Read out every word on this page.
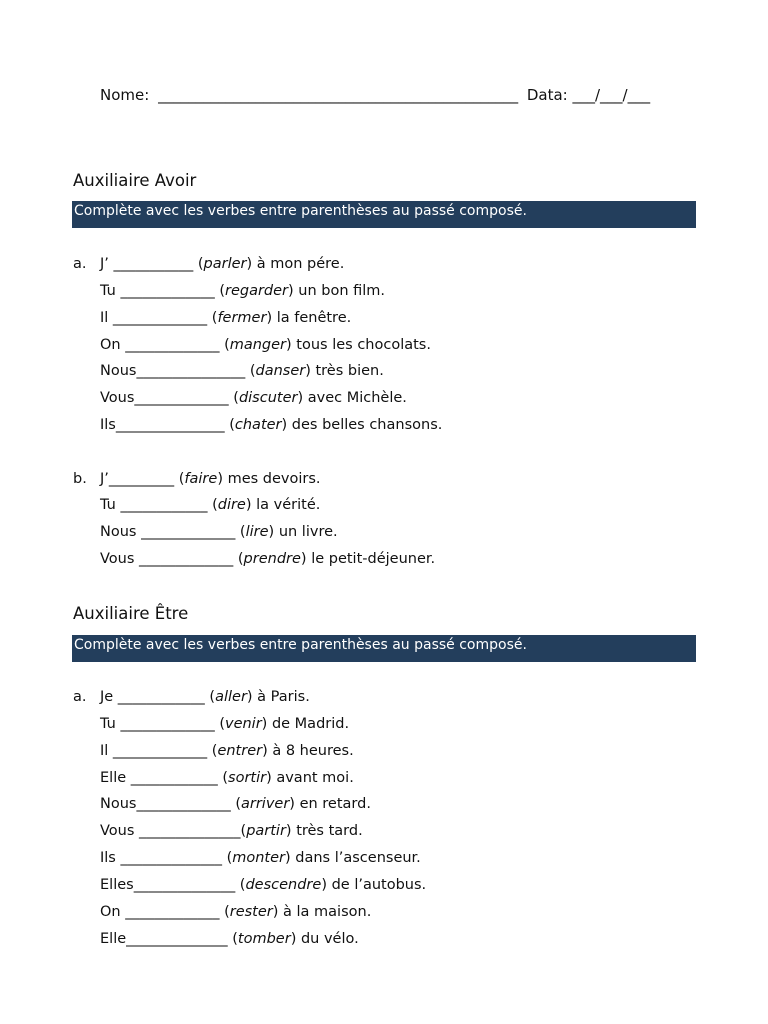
Nome: ________________________________________________ Data: ___/___/___
Auxiliaire Avoir
Complète avec les verbes entre parenthèses au passé composé.
a. J’ ___________ (parler) à mon pére.
Tu _____________ (regarder) un bon film.
Il _____________ (fermer) la fenêtre.
On _____________ (manger) tous les chocolats.
Nous_______________ (danser) très bien.
Vous_____________ (discuter) avec Michèle.
Ils_______________ (chater) des belles chansons.
b. J’_________ (faire) mes devoirs.
Tu ____________ (dire) la vérité.
Nous _____________ (lire) un livre.
Vous _____________ (prendre) le petit-déjeuner.
Auxiliaire Être
Complète avec les verbes entre parenthèses au passé composé.
a. Je ____________ (aller) à Paris.
Tu _____________ (venir) de Madrid.
Il _____________ (entrer) à 8 heures.
Elle ____________ (sortir) avant moi.
Nous_____________ (arriver) en retard.
Vous ______________(partir) très tard.
Ils ______________ (monter) dans l’ascenseur.
Elles______________ (descendre) de l’autobus.
On _____________ (rester) à la maison.
Elle______________ (tomber) du vélo.
